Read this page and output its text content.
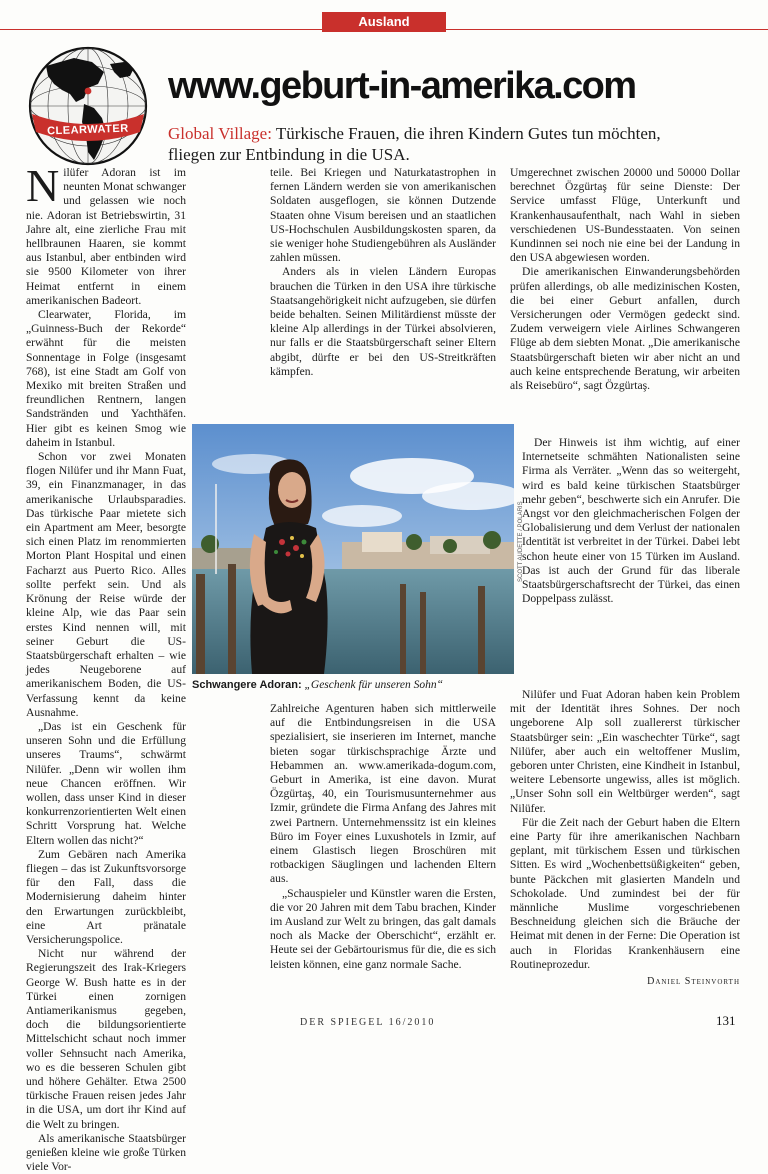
Ausland
CLEARWATER
www.geburt-in-amerika.com
Global Village: Türkische Frauen, die ihren Kindern Gutes tun möchten, fliegen zur Entbindung in die USA.

Nilüfer Adoran ist im neunten Monat schwanger und gelassen wie noch nie. Adoran ist Betriebswirtin, 31 Jahre alt, eine zierliche Frau mit hellbraunen Haaren, sie kommt aus Istanbul, aber entbinden wird sie 9500 Kilometer von ihrer Heimat entfernt in einem amerikanischen Badeort.

Clearwater, Florida, im „Guinness-Buch der Rekorde“ erwähnt für die meisten Sonnentage in Folge (insgesamt 768), ist eine Stadt am Golf von Mexiko mit breiten Straßen und freundlichen Rentnern, langen Sandstränden und Yachthäfen. Hier gibt es keinen Smog wie daheim in Istanbul.

Schon vor zwei Monaten flogen Nilüfer und ihr Mann Fuat, 39, ein Finanzmanager, in das amerikanische Urlaubsparadies. Das türkische Paar mietete sich ein Apartment am Meer, besorgte sich einen Platz im renommierten Morton Plant Hospital und einen Facharzt aus Puerto Rico. Alles sollte perfekt sein. Und als Krönung der Reise würde der kleine Alp, wie das Paar sein erstes Kind nennen will, mit seiner Geburt die US-Staatsbürgerschaft erhalten – wie jedes Neugeborene auf amerikanischem Boden, die US-Verfassung kennt da keine Ausnahme.

„Das ist ein Geschenk für unseren Sohn und die Erfüllung unseres Traums“, schwärmt Nilüfer. „Denn wir wollen ihm neue Chancen eröffnen. Wir wollen, dass unser Kind in dieser konkurrenzorientierten Welt einen Schritt Vorsprung hat. Welche Eltern wollen das nicht?“

Zum Gebären nach Amerika fliegen – das ist Zukunftsvorsorge für den Fall, dass die Modernisierung daheim hinter den Erwartungen zurückbleibt, eine Art pränatale Versicherungspolice.

Nicht nur während der Regierungszeit des Irak-Kriegers George W. Bush hatte es in der Türkei einen zornigen Antiamerikanismus gegeben, doch die bildungsorientierte Mittelschicht schaut noch immer voller Sehnsucht nach Amerika, wo es die besseren Schulen gibt und höhere Gehälter. Etwa 2500 türkische Frauen reisen jedes Jahr in die USA, um dort ihr Kind auf die Welt zu bringen.

Als amerikanische Staatsbürger genießen kleine wie große Türken viele Vor-

teile. Bei Kriegen und Naturkatastrophen in fernen Ländern werden sie von amerikanischen Soldaten ausgeflogen, sie können Dutzende Staaten ohne Visum bereisen und an staatlichen US-Hochschulen Ausbildungskosten sparen, da sie weniger hohe Studiengebühren als Ausländer zahlen müssen.

Anders als in vielen Ländern Europas brauchen die Türken in den USA ihre türkische Staatsangehörigkeit nicht aufzugeben, sie dürfen beide behalten. Seinen Militärdienst müsste der kleine Alp allerdings in der Türkei absolvieren, nur falls er die Staatsbürgerschaft seiner Eltern abgibt, dürfte er bei den US-Streitkräften kämpfen.

SCOTT AUDETTE / POLARIS
Schwangere Adoran: „Geschenk für unseren Sohn“

Zahlreiche Agenturen haben sich mittlerweile auf die Entbindungsreisen in die USA spezialisiert, sie inserieren im Internet, manche bieten sogar türkischsprachige Ärzte und Hebammen an. www.amerikada-dogum.com, Geburt in Amerika, ist eine davon. Murat Özgürtaş, 40, ein Tourismusunternehmer aus Izmir, gründete die Firma Anfang des Jahres mit zwei Partnern. Unternehmenssitz ist ein kleines Büro im Foyer eines Luxushotels in Izmir, auf einem Glastisch liegen Broschüren mit rotbackigen Säuglingen und lachenden Eltern aus.

„Schauspieler und Künstler waren die Ersten, die vor 20 Jahren mit dem Tabu brachen, Kinder im Ausland zur Welt zu bringen, das galt damals noch als Macke der Oberschicht“, erzählt er. Heute sei der Gebärtourismus für die, die es sich leisten können, eine ganz normale Sache.

Umgerechnet zwischen 20000 und 50000 Dollar berechnet Özgürtaş für seine Dienste: Der Service umfasst Flüge, Unterkunft und Krankenhausaufenthalt, nach Wahl in sieben verschiedenen US-Bundesstaaten. Von seinen Kundinnen sei noch nie eine bei der Landung in den USA abgewiesen worden.

Die amerikanischen Einwanderungsbehörden prüfen allerdings, ob alle medizinischen Kosten, die bei einer Geburt anfallen, durch Versicherungen oder Vermögen gedeckt sind. Zudem verweigern viele Airlines Schwangeren Flüge ab dem siebten Monat. „Die amerikanische Staatsbürgerschaft bieten wir aber nicht an und auch keine entsprechende Beratung, wir arbeiten als Reisebüro“, sagt Özgürtaş.

Der Hinweis ist ihm wichtig, auf einer Internetseite schmähten Nationalisten seine Firma als Verräter. „Wenn das so weitergeht, wird es bald keine türkischen Staatsbürger mehr geben“, beschwerte sich ein Anrufer. Die Angst vor den gleichmacherischen Folgen der Globalisierung und dem Verlust der nationalen Identität ist verbreitet in der Türkei. Dabei lebt schon heute einer von 15 Türken im Ausland. Das ist auch der Grund für das liberale Staatsbürgerschaftsrecht der Türkei, das einen Doppelpass zulässt.

Nilüfer und Fuat Adoran haben kein Problem mit der Identität ihres Sohnes. Der noch ungeborene Alp soll zuallererst türkischer Staatsbürger sein: „Ein waschechter Türke“, sagt Nilüfer, aber auch ein weltoffener Muslim, geboren unter Christen, eine Kindheit in Istanbul, weitere Lebensorte ungewiss, alles ist möglich. „Unser Sohn soll ein Weltbürger werden“, sagt Nilüfer.

Für die Zeit nach der Geburt haben die Eltern eine Party für ihre amerikanischen Nachbarn geplant, mit türkischem Essen und türkischen Sitten. Es wird „Wochenbettsüßigkeiten“ geben, bunte Päckchen mit glasierten Mandeln und Schokolade. Und zumindest bei der für männliche Muslime vorgeschriebenen Beschneidung gleichen sich die Bräuche der Heimat mit denen in der Ferne: Die Operation ist auch in Floridas Krankenhäusern eine Routineprozedur.

Daniel Steinvorth
DER SPIEGEL 16/2010	131
